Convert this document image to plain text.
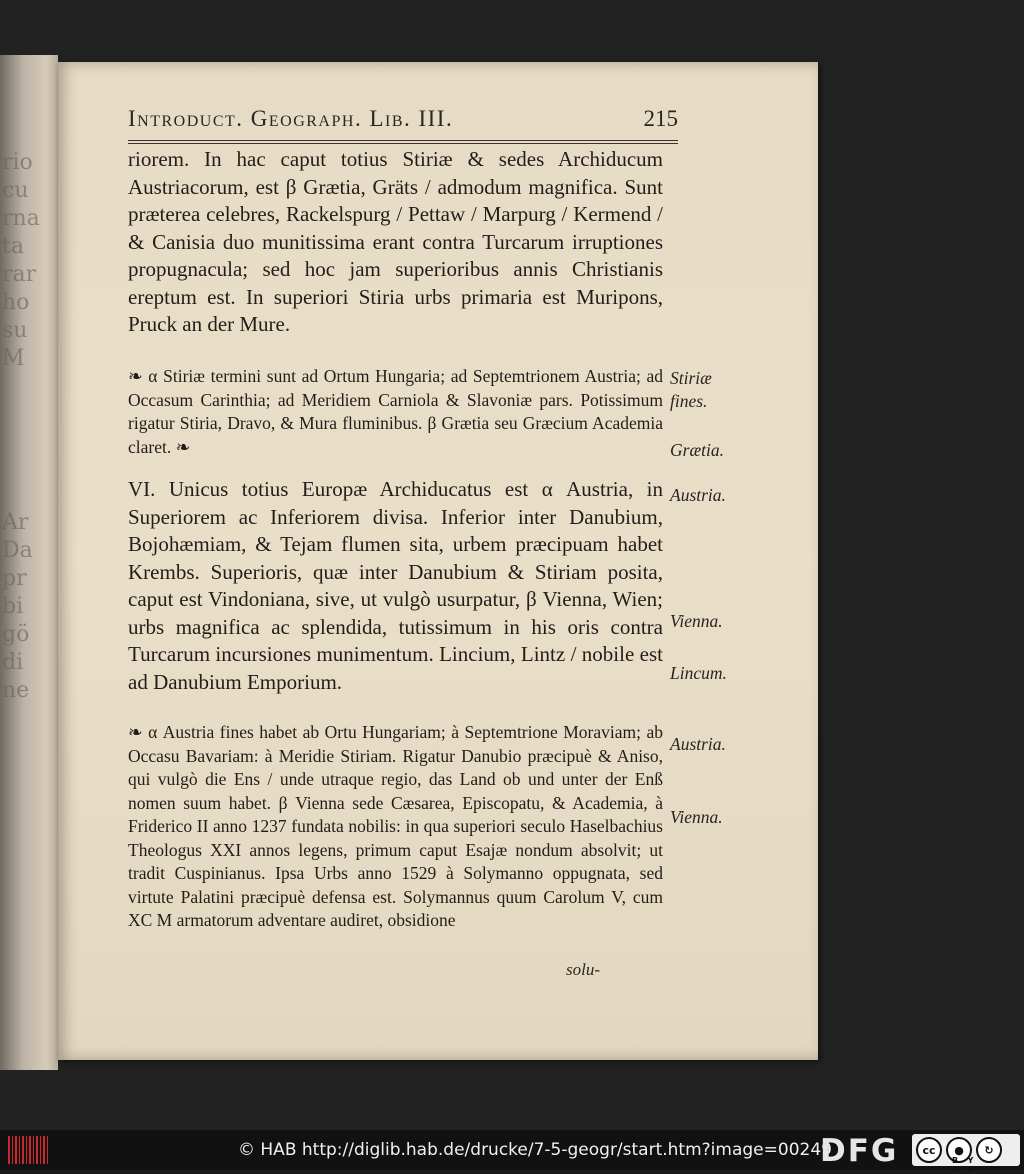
rio
cu
rna
ta
rar
ho
su
M
Ar
Da
pr
bi
gö
di
ne
Introduct. Geograph. Lib. III.	215
riorem. In hac caput totius Stiriæ & sedes Archiducum Austriacorum, est β Grætia, Gräts / admodum magnifica. Sunt præterea celebres, Rackelspurg / Pettaw / Marpurg / Kermend / & Canisia duo munitissima erant contra Turcarum irruptiones propugnacula; sed hoc jam superioribus annis Christianis ereptum est. In superiori Stiria urbs primaria est Muripons, Pruck an der Mure.
❧ α Stiriæ termini sunt ad Ortum Hungaria; ad Septemtrionem Austria; ad Occasum Carinthia; ad Meridiem Carniola & Slavoniæ pars. Potissimum rigatur Stiria, Dravo, & Mura fluminibus. β Grætia seu Græcium Academia claret. ❧
VI. Unicus totius Europæ Archiducatus est α Austria, in Superiorem ac Inferiorem divisa. Inferior inter Danubium, Bojohæmiam, & Tejam flumen sita, urbem præcipuam habet Krembs. Superioris, quæ inter Danubium & Stiriam posita, caput est Vindoniana, sive, ut vulgò usurpatur, β Vienna, Wien; urbs magnifica ac splendida, tutissimum in his oris contra Turcarum incursiones munimentum. Lincium, Lintz / nobile est ad Danubium Emporium.
❧ α Austria fines habet ab Ortu Hungariam; à Septemtrione Moraviam; ab Occasu Bavariam: à Meridie Stiriam. Rigatur Danubio præcipuè & Aniso, qui vulgò die Ens / unde utraque regio, das Land ob und unter der Enß nomen suum habet. β Vienna sede Cæsarea, Episcopatu, & Academia, à Friderico II anno 1237 fundata nobilis: in qua superiori seculo Haselbachius Theologus XXI annos legens, primum caput Esajæ nondum absolvit; ut tradit Cuspinianus. Ipsa Urbs anno 1529 à Solymanno oppugnata, sed virtute Palatini præcipuè defensa est. Solymannus quum Carolum V, cum XC M armatorum adventare audiret, obsidione
solu-
Stiriæ
fines.
Grætia.
Austria.
Vienna.
Lincum.
Austria.
Vienna.
© HAB http://diglib.hab.de/drucke/7-5-geogr/start.htm?image=00249
DFG	cc	●	↻
BY SA
